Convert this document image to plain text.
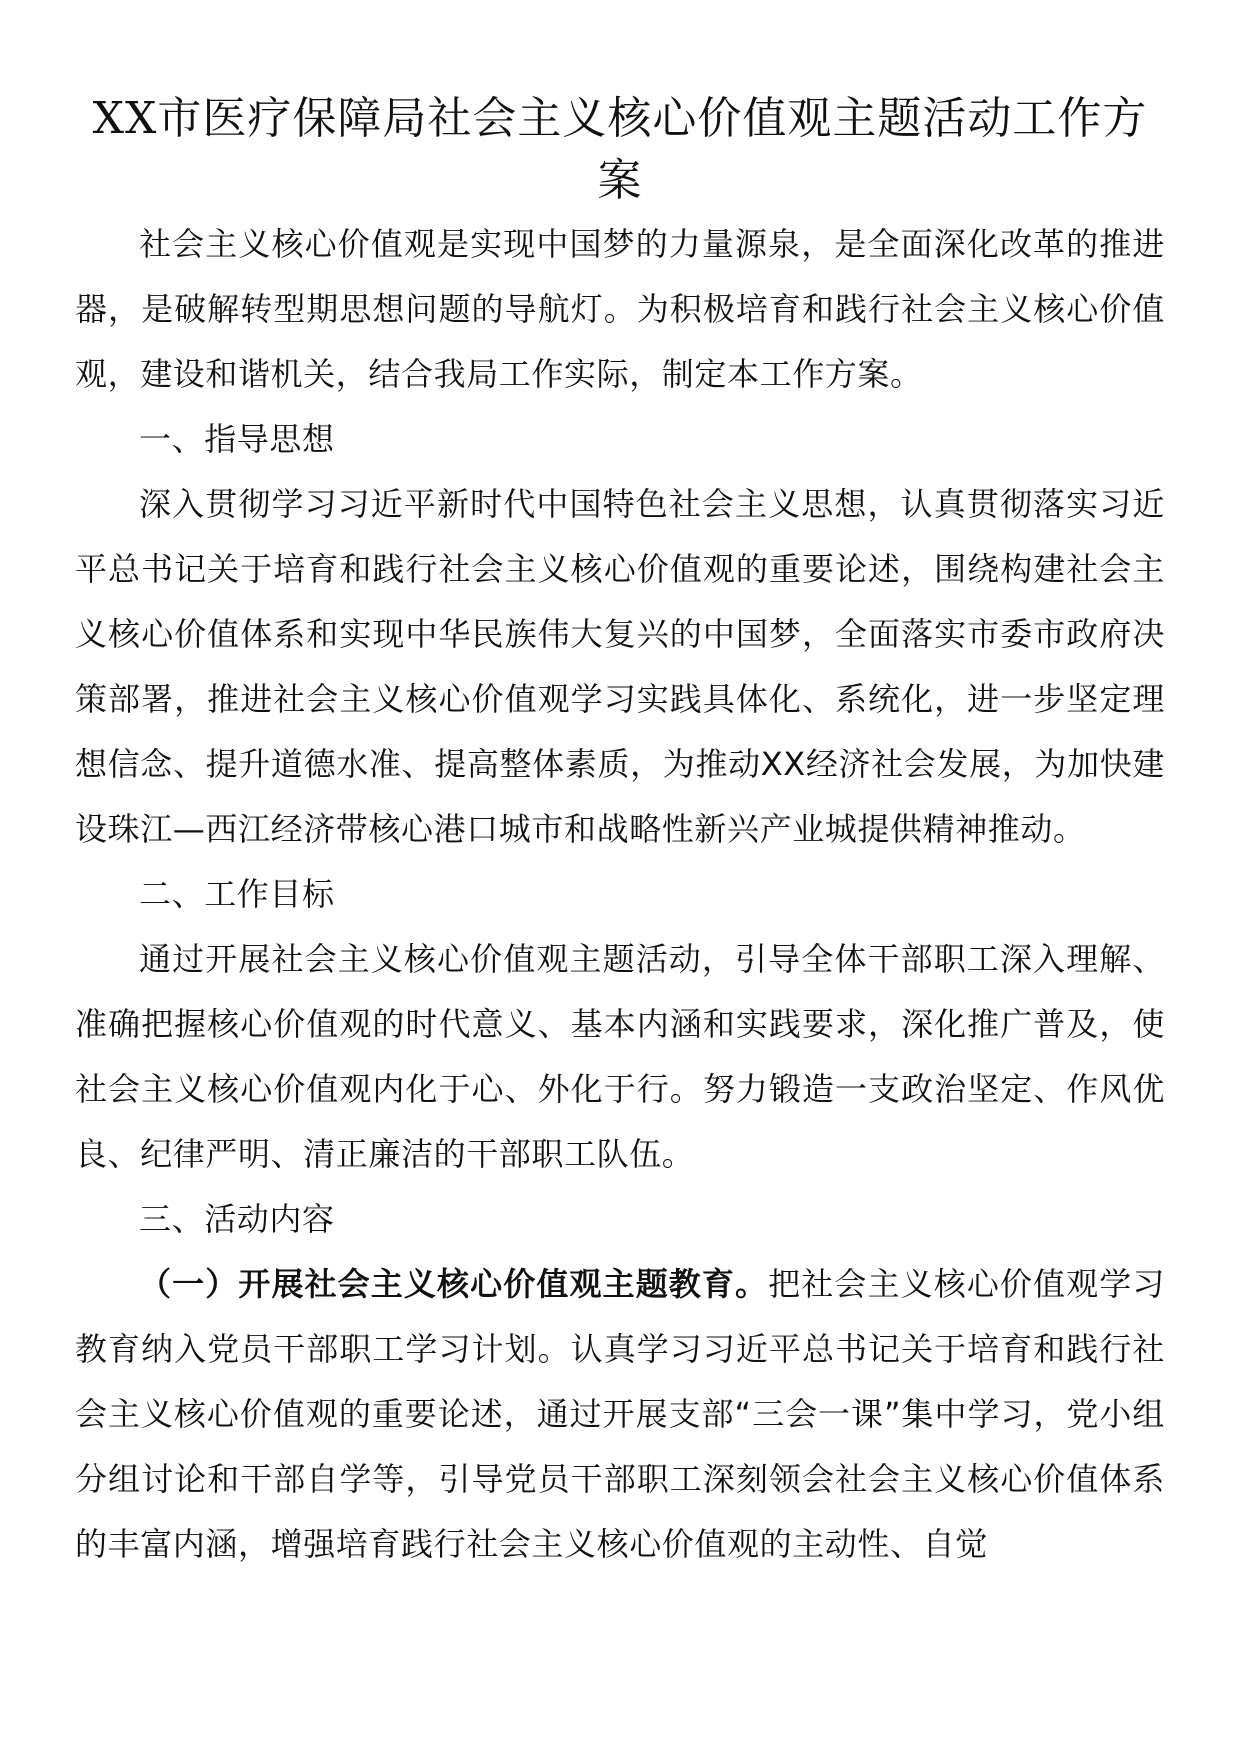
XX市医疗保障局社会主义核心价值观主题活动工作方案

社会主义核心价值观是实现中国梦的力量源泉，是全面深化改革的推进器，是破解转型期思想问题的导航灯。为积极培育和践行社会主义核心价值观，建设和谐机关，结合我局工作实际，制定本工作方案。

一、指导思想

深入贯彻学习习近平新时代中国特色社会主义思想，认真贯彻落实习近平总书记关于培育和践行社会主义核心价值观的重要论述，围绕构建社会主义核心价值体系和实现中华民族伟大复兴的中国梦，全面落实市委市政府决策部署，推进社会主义核心价值观学习实践具体化、系统化，进一步坚定理想信念、提升道德水准、提高整体素质，为推动XX经济社会发展，为加快建设珠江—西江经济带核心港口城市和战略性新兴产业城提供精神推动。

二、工作目标

通过开展社会主义核心价值观主题活动，引导全体干部职工深入理解、准确把握核心价值观的时代意义、基本内涵和实践要求，深化推广普及，使社会主义核心价值观内化于心、外化于行。努力锻造一支政治坚定、作风优良、纪律严明、清正廉洁的干部职工队伍。

三、活动内容

（一）开展社会主义核心价值观主题教育。把社会主义核心价值观学习教育纳入党员干部职工学习计划。认真学习习近平总书记关于培育和践行社会主义核心价值观的重要论述，通过开展支部“三会一课”集中学习，党小组分组讨论和干部自学等，引导党员干部职工深刻领会社会主义核心价值体系的丰富内涵，增强培育践行社会主义核心价值观的主动性、自觉
